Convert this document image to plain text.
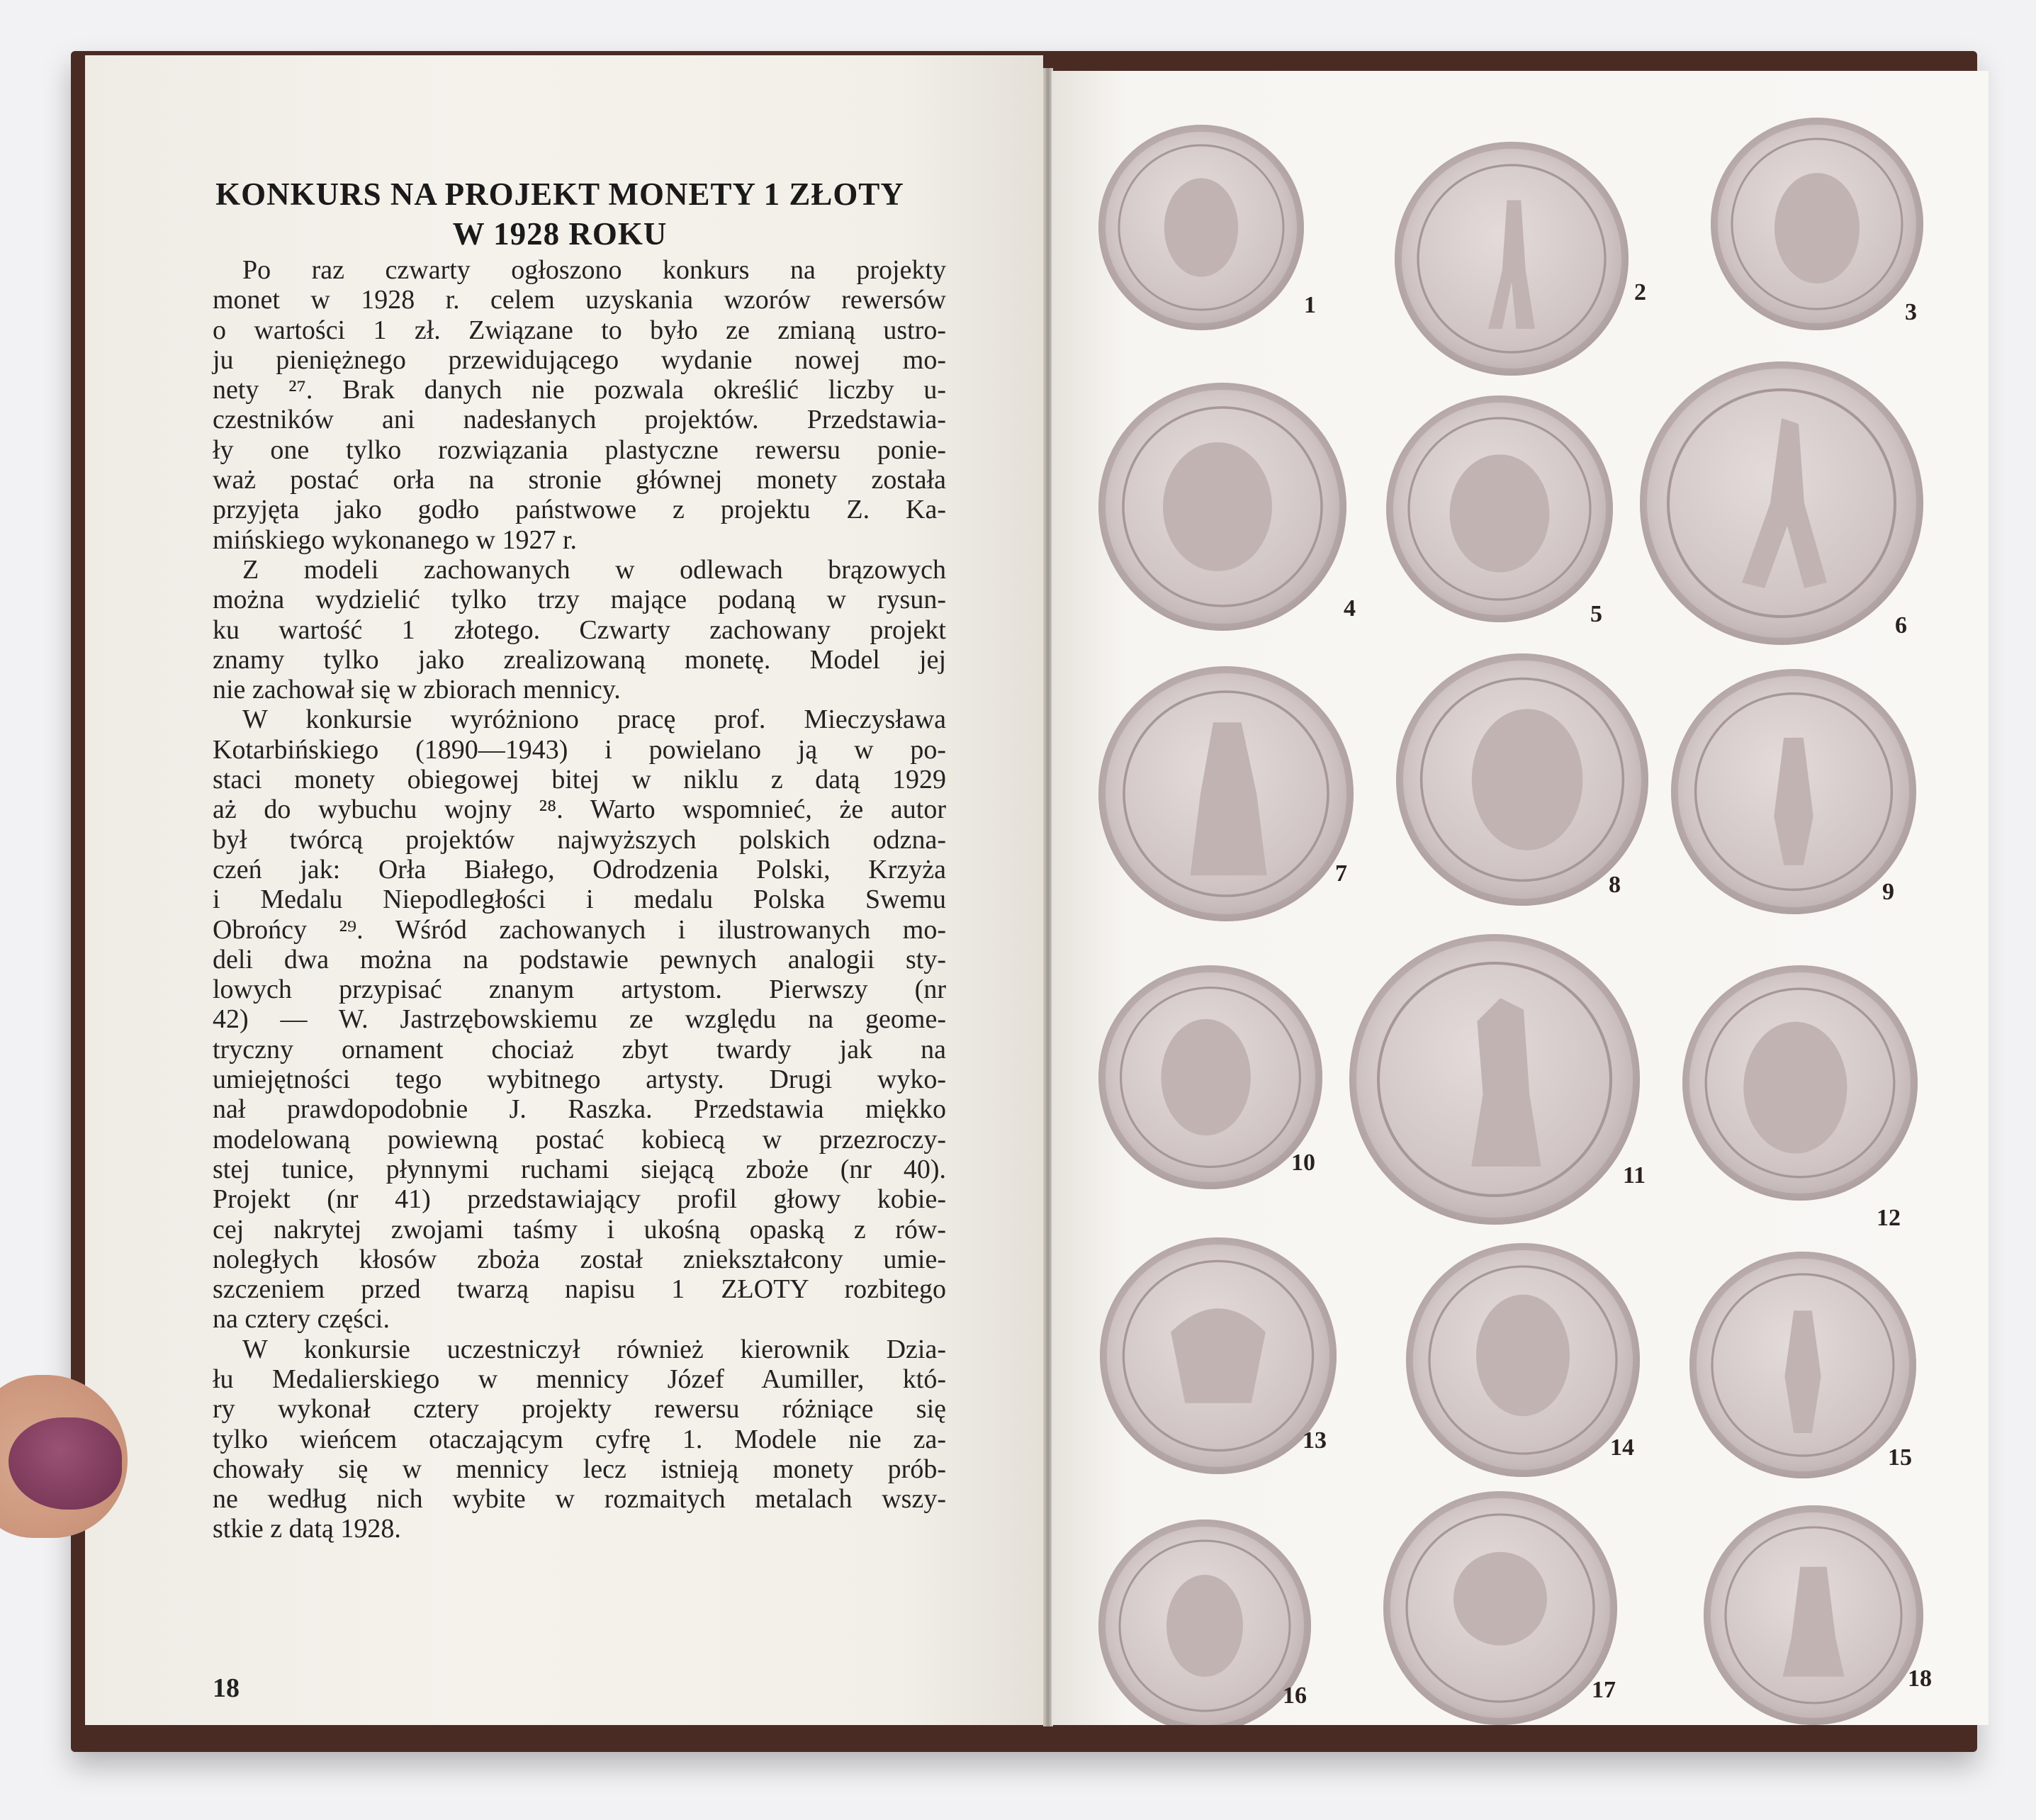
KONKURS NA PROJEKT MONETY 1 ZŁOTY
W 1928 ROKU
Po raz czwarty ogłoszono konkurs na projekty
monet w 1928 r. celem uzyskania wzorów rewersów
o wartości 1 zł. Związane to było ze zmianą ustro-
ju pieniężnego przewidującego wydanie nowej mo-
nety ²⁷. Brak danych nie pozwala określić liczby u-
czestników ani nadesłanych projektów. Przedstawia-
ły one tylko rozwiązania plastyczne rewersu ponie-
waż postać orła na stronie głównej monety została
przyjęta jako godło państwowe z projektu Z. Ka-
mińskiego wykonanego w 1927 r.
Z modeli zachowanych w odlewach brązowych
można wydzielić tylko trzy mające podaną w rysun-
ku wartość 1 złotego. Czwarty zachowany projekt
znamy tylko jako zrealizowaną monetę. Model jej
nie zachował się w zbiorach mennicy.
W konkursie wyróżniono pracę prof. Mieczysława
Kotarbińskiego (1890—1943) i powielano ją w po-
staci monety obiegowej bitej w niklu z datą 1929
aż do wybuchu wojny ²⁸. Warto wspomnieć, że autor
był twórcą projektów najwyższych polskich odzna-
czeń jak: Orła Białego, Odrodzenia Polski, Krzyża
i Medalu Niepodległości i medalu Polska Swemu
Obrońcy ²⁹. Wśród zachowanych i ilustrowanych mo-
deli dwa można na podstawie pewnych analogii sty-
lowych przypisać znanym artystom. Pierwszy (nr
42) — W. Jastrzębowskiemu ze względu na geome-
tryczny ornament chociaż zbyt twardy jak na
umiejętności tego wybitnego artysty. Drugi wyko-
nał prawdopodobnie J. Raszka. Przedstawia miękko
modelowaną powiewną postać kobiecą w przezroczy-
stej tunice, płynnymi ruchami siejącą zboże (nr 40).
Projekt (nr 41) przedstawiający profil głowy kobie-
cej nakrytej zwojami taśmy i ukośną opaską z rów-
noległych kłosów zboża został zniekształcony umie-
szczeniem przed twarzą napisu 1 ZŁOTY rozbitego
na cztery części.
W konkursie uczestniczył również kierownik Dzia-
łu Medalierskiego w mennicy Józef Aumiller, któ-
ry wykonał cztery projekty rewersu różniące się
tylko wieńcem otaczającym cyfrę 1. Modele nie za-
chowały się w mennicy lecz istnieją monety prób-
ne według nich wybite w rozmaitych metalach wszy-
stkie z datą 1928.
18
1	2
3
4	5	6
7	8	9
10	11
12
13	14	15
16	17	18
